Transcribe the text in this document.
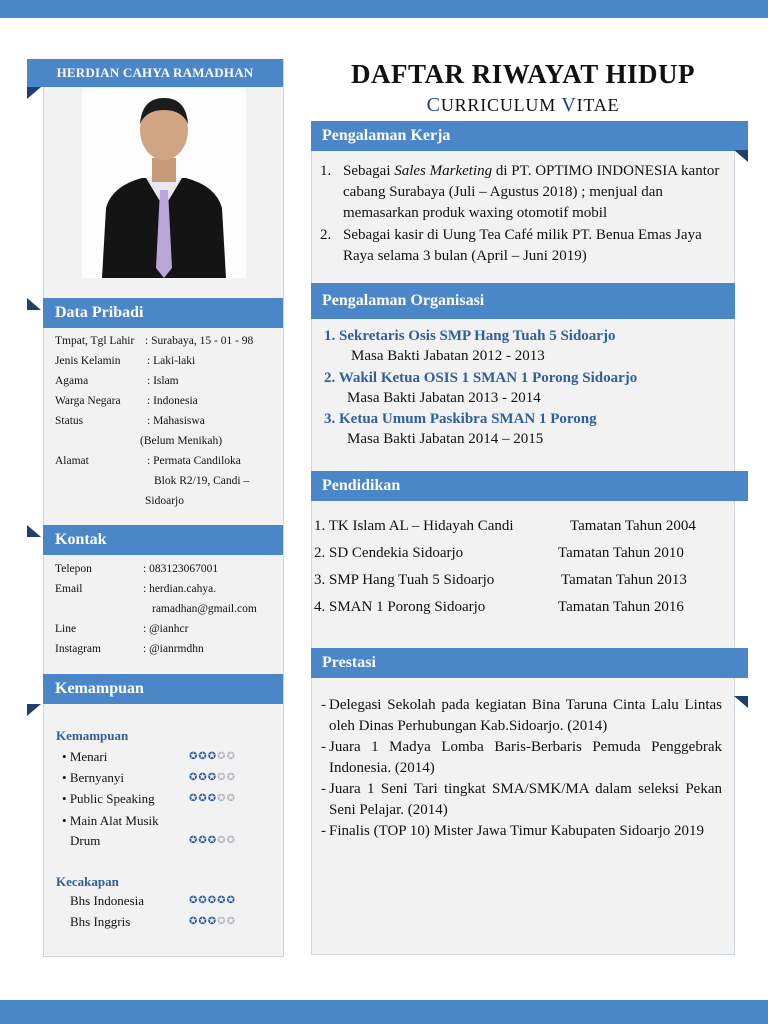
HERDIAN CAHYA RAMADHAN
Data Pribadi
Tmpat, Tgl Lahir : Surabaya, 15 - 01 - 98
Jenis Kelamin : Laki-laki
Agama	: Islam
Warga Negara : Indonesia
Status	: Mahasiswa
(Belum Menikah)
Alamat	: Permata Candiloka
Blok R2/19, Candi –
Sidoarjo
Kontak
Telepon	: 083123067001
Email	: herdian.cahya.
ramadhan@gmail.com
Line	: @ianhcr
Instagram	: @ianrmdhn
Kemampuan
Kemampuan
• Menari	✪✪✪✪✪
• Bernyanyi	✪✪✪✪✪
• Public Speaking	✪✪✪✪✪
• Main Alat Musik
Drum	✪✪✪✪✪
Kecakapan
Bhs Indonesia	✪✪✪✪✪
Bhs Inggris	✪✪✪✪✪
DAFTAR RIWAYAT HIDUP
CURRICULUM VITAE
Pengalaman Kerja
1. Sebagai Sales Marketing di PT. OPTIMO INDONESIA kantor cabang Surabaya (Juli – Agustus 2018) ; menjual dan memasarkan produk waxing otomotif mobil
2. Sebagai kasir di Uung Tea Café milik PT. Benua Emas Jaya Raya selama 3 bulan (April – Juni 2019)
Pengalaman Organisasi
1. Sekretaris Osis SMP Hang Tuah 5 Sidoarjo
Masa Bakti Jabatan 2012 - 2013
2. Wakil Ketua OSIS 1 SMAN 1 Porong Sidoarjo
Masa Bakti Jabatan 2013 - 2014
3. Ketua Umum Paskibra SMAN 1 Porong
Masa Bakti Jabatan 2014 – 2015
Pendidikan
1. TK Islam AL – Hidayah Candi	Tamatan Tahun 2004
2. SD Cendekia Sidoarjo	Tamatan Tahun 2010
3. SMP Hang Tuah 5 Sidoarjo	Tamatan Tahun 2013
4. SMAN 1 Porong Sidoarjo	Tamatan Tahun 2016
Prestasi
- Delegasi Sekolah pada kegiatan Bina Taruna Cinta Lalu Lintas oleh Dinas Perhubungan Kab.Sidoarjo. (2014)
- Juara 1 Madya Lomba Baris-Berbaris Pemuda Penggebrak Indonesia. (2014)
- Juara 1 Seni Tari tingkat SMA/SMK/MA dalam seleksi Pekan Seni Pelajar. (2014)
- Finalis (TOP 10) Mister Jawa Timur Kabupaten Sidoarjo 2019
